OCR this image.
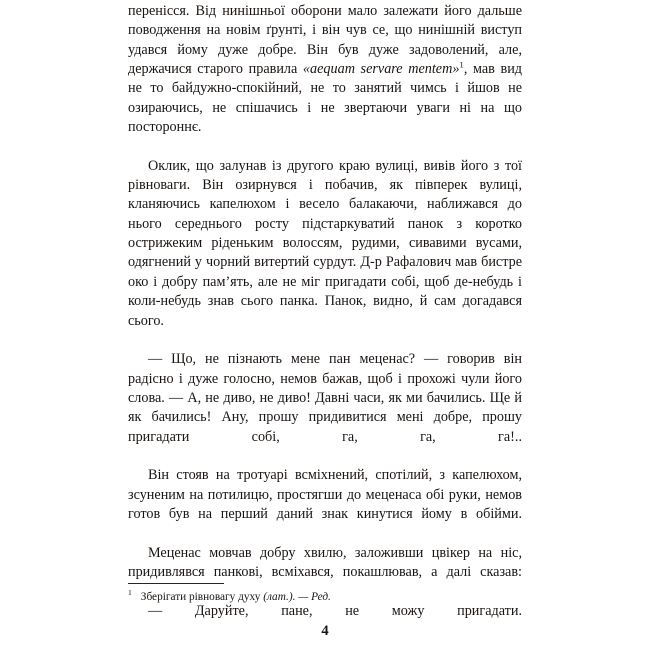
перенісся. Від нинішньої оборони мало залежати його дальше поводження на новім ґрунті, і він чув се, що нинішній виступ удався йому дуже добре. Він був дуже задоволений, але, держачися старого правила «aequam servare mentem»$^1$, мав вид не то байдужно-спокійний, не то занятий чимсь і йшов не озираючись, не спішачись і не звертаючи уваги ні на що постороннє.

Оклик, що залунав із другого краю вулиці, вивів його з тої рівноваги. Він озирнувся і побачив, як півперек вулиці, кланяючись капелюхом і весело балакаючи, наближався до нього середнього росту підстаркуватий панок з коротко острижеким ріденьким волоссям, рудими, сивавими вусами, одягнений у чорний витертий сурдут. Д-р Рафалович мав бистре око і добру пам’ять, але не міг пригадати собі, щоб де-небудь і коли-небудь знав сього панка. Панок, видно, й сам догадався сього.

— Що, не пізнають мене пан меценас? — говорив він радісно і дуже голосно, немов бажав, щоб і прохожі чули його слова. — А, не диво, не диво! Давні часи, як ми бачились. Ще й як бачились! Ану, прошу придивитися мені добре, прошу пригадати собі, га, га, га!..

Він стояв на тротуарі всміхнений, спотілий, з капелюхом, зсуненим на потилицю, простягши до меценаса обі руки, немов готов був на перший даний знак кинутися йому в обійми.

Меценас мовчав добру хвилю, заложивши цвікер на ніс, придивлявся панкові, всміхався, покашлював, а далі сказав:

— Даруйте, пане, не можу пригадати.

$^1$ Зберігати рівновагу духу (лат.). — Ред.
4
